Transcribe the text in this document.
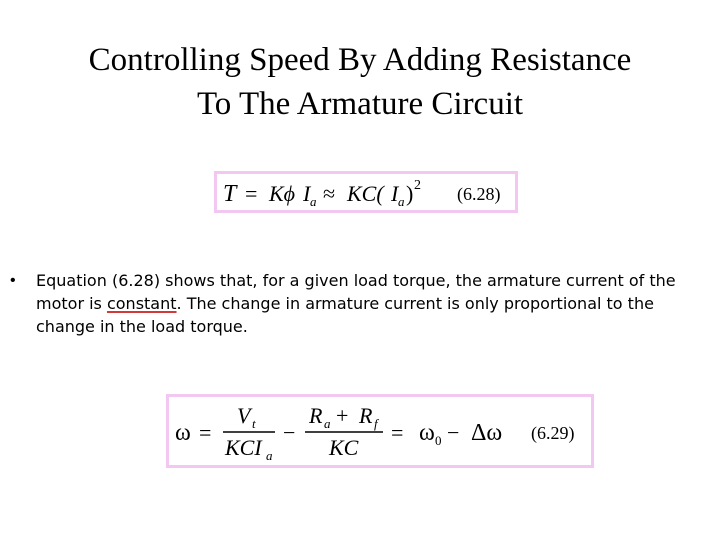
Controlling Speed By Adding Resistance
To The Armature Circuit
T = Kϕ I a ≈ KC( I a ) 2 (6.28)
• Equation (6.28) shows that, for a given load torque, the armature current of the motor is constant. The change in armature current is only proportional to the change in the load torque.
ω =
V t
KCI a
−
R a + R f
KC
= ω 0 − Δω (6.29)
